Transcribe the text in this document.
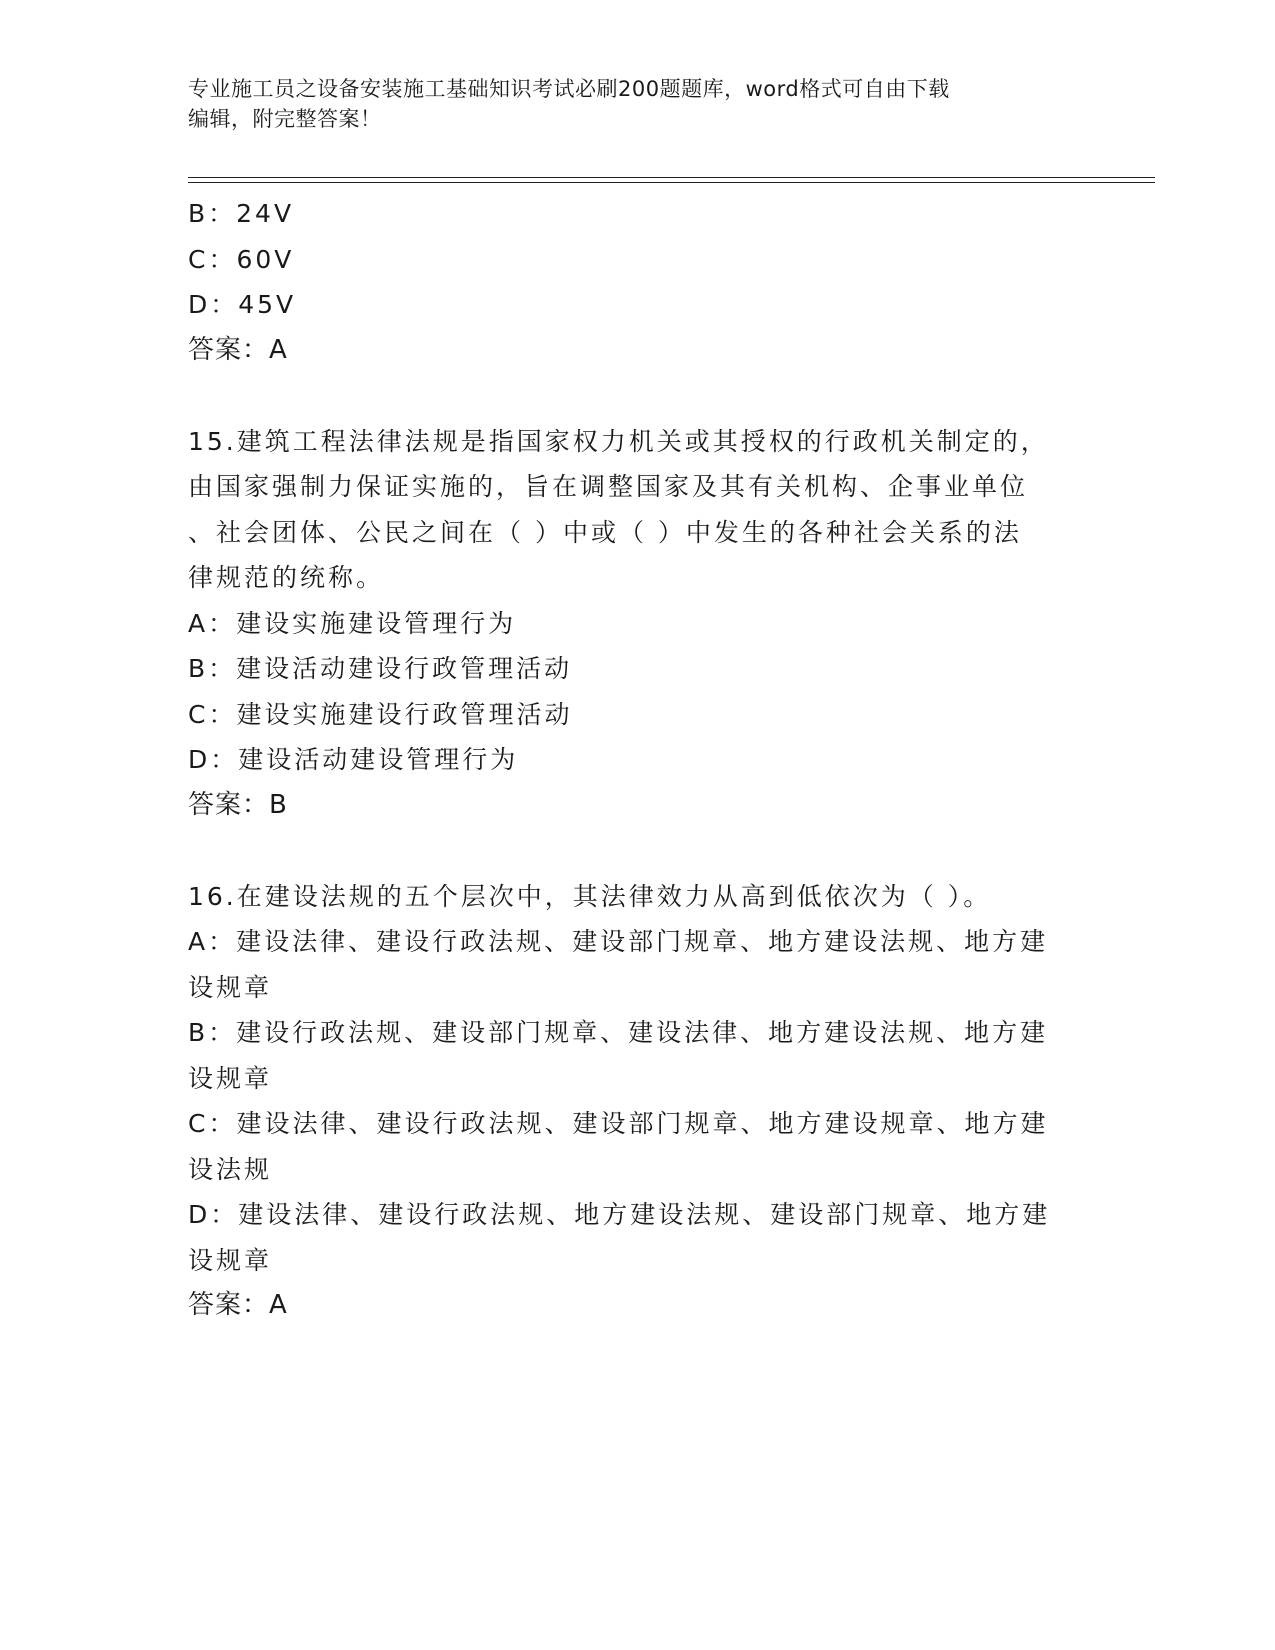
专业施工员之设备安装施工基础知识考试必刷200题题库，word格式可自由下载
编辑，附完整答案！
B：24V
C：60V
D：45V
答案：A
15.建筑工程法律法规是指国家权力机关或其授权的行政机关制定的，
由国家强制力保证实施的，旨在调整国家及其有关机构、企事业单位
、社会团体、公民之间在（ ）中或（ ）中发生的各种社会关系的法
律规范的统称。
A：建设实施建设管理行为
B：建设活动建设行政管理活动
C：建设实施建设行政管理活动
D：建设活动建设管理行为
答案：B
16.在建设法规的五个层次中，其法律效力从高到低依次为（ ）。
A：建设法律、建设行政法规、建设部门规章、地方建设法规、地方建
设规章
B：建设行政法规、建设部门规章、建设法律、地方建设法规、地方建
设规章
C：建设法律、建设行政法规、建设部门规章、地方建设规章、地方建
设法规
D：建设法律、建设行政法规、地方建设法规、建设部门规章、地方建
设规章
答案：A
